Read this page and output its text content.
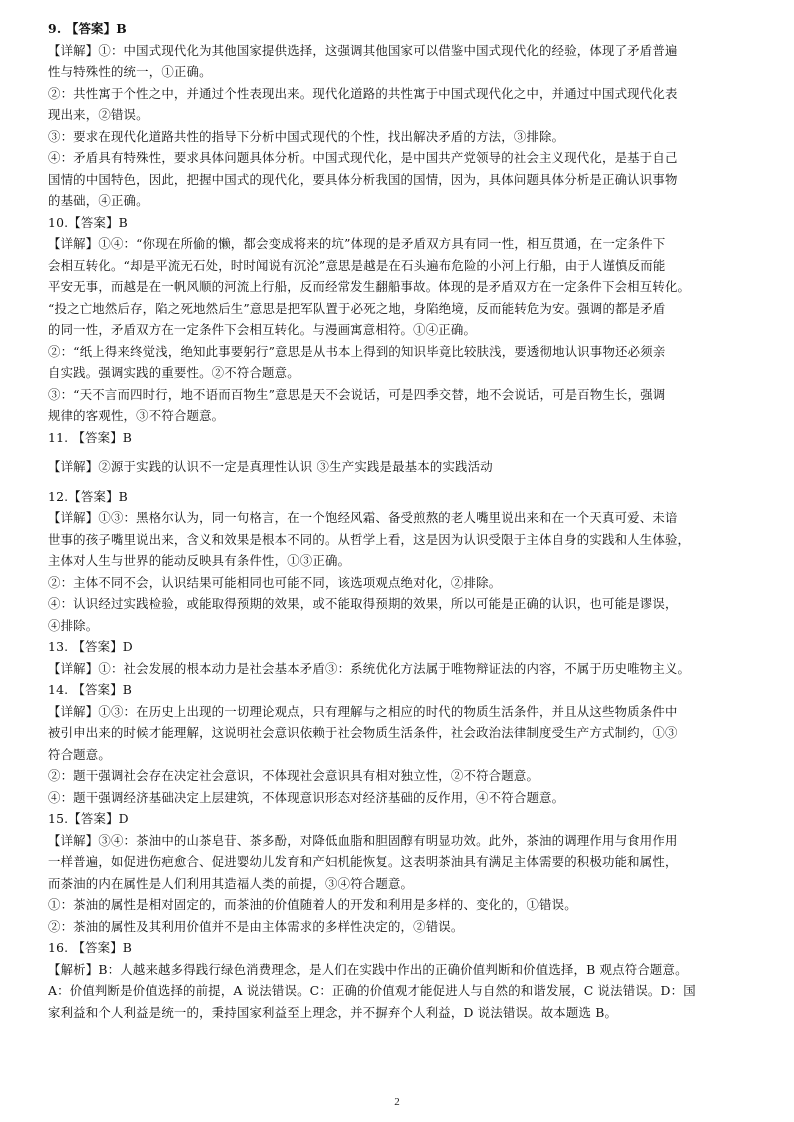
9. 【答案】B
【详解】①：中国式现代化为其他国家提供选择，这强调其他国家可以借鉴中国式现代化的经验，体现了矛盾普遍
性与特殊性的统一，①正确。
②：共性寓于个性之中，并通过个性表现出来。现代化道路的共性寓于中国式现代化之中，并通过中国式现代化表
现出来，②错误。
③：要求在现代化道路共性的指导下分析中国式现代的个性，找出解决矛盾的方法，③排除。
④：矛盾具有特殊性，要求具体问题具体分析。中国式现代化，是中国共产党领导的社会主义现代化，是基于自己
国情的中国特色，因此，把握中国式的现代化，要具体分析我国的国情，因为，具体问题具体分析是正确认识事物
的基础，④正确。
10.【答案】B
【详解】①④：“你现在所偷的懒，都会变成将来的坑”体现的是矛盾双方具有同一性，相互贯通，在一定条件下
会相互转化。“却是平流无石处，时时闻说有沉沦”意思是越是在石头遍布危险的小河上行船，由于人谨慎反而能
平安无事，而越是在一帆风顺的河流上行船，反而经常发生翻船事故。体现的是矛盾双方在一定条件下会相互转化。
“投之亡地然后存，陷之死地然后生”意思是把军队置于必死之地，身陷绝境，反而能转危为安。强调的都是矛盾
的同一性，矛盾双方在一定条件下会相互转化。与漫画寓意相符。①④正确。
②：“纸上得来终觉浅，绝知此事要躬行”意思是从书本上得到的知识毕竟比较肤浅，要透彻地认识事物还必须亲
自实践。强调实践的重要性。②不符合题意。
③：“天不言而四时行，地不语而百物生”意思是天不会说话，可是四季交替，地不会说话，可是百物生长，强调
规律的客观性，③不符合题意。
11. 【答案】B
【详解】②源于实践的认识不一定是真理性认识 ③生产实践是最基本的实践活动
12.【答案】B
【详解】①③：黑格尔认为，同一句格言，在一个饱经风霜、备受煎熬的老人嘴里说出来和在一个天真可爱、未谙
世事的孩子嘴里说出来，含义和效果是根本不同的。从哲学上看，这是因为认识受限于主体自身的实践和人生体验，
主体对人生与世界的能动反映具有条件性，①③正确。
②：主体不同不会，认识结果可能相同也可能不同，该选项观点绝对化，②排除。
④：认识经过实践检验，或能取得预期的效果，或不能取得预期的效果，所以可能是正确的认识，也可能是谬误，
④排除。
13. 【答案】D
【详解】①：社会发展的根本动力是社会基本矛盾③：系统优化方法属于唯物辩证法的内容，不属于历史唯物主义。
14. 【答案】B
【详解】①③：在历史上出现的一切理论观点，只有理解与之相应的时代的物质生活条件，并且从这些物质条件中
被引申出来的时候才能理解，这说明社会意识依赖于社会物质生活条件，社会政治法律制度受生产方式制约，①③
符合题意。
②：题干强调社会存在决定社会意识，不体现社会意识具有相对独立性，②不符合题意。
④：题干强调经济基础决定上层建筑，不体现意识形态对经济基础的反作用，④不符合题意。
15.【答案】D
【详解】③④：茶油中的山茶皂苷、茶多酚，对降低血脂和胆固醇有明显功效。此外，茶油的调理作用与食用作用
一样普遍，如促进伤疤愈合、促进婴幼儿发育和产妇机能恢复。这表明茶油具有满足主体需要的积极功能和属性，
而茶油的内在属性是人们利用其造福人类的前提，③④符合题意。
①：茶油的属性是相对固定的，而茶油的价值随着人的开发和利用是多样的、变化的，①错误。
②：茶油的属性及其利用价值并不是由主体需求的多样性决定的，②错误。
16. 【答案】B
【解析】B：人越来越多得践行绿色消费理念，是人们在实践中作出的正确价值判断和价值选择，B 观点符合题意。
A：价值判断是价值选择的前提，A 说法错误。C：正确的价值观才能促进人与自然的和谐发展，C 说法错误。D：国
家利益和个人利益是统一的，秉持国家利益至上理念，并不摒弃个人利益，D 说法错误。故本题选 B。
2
